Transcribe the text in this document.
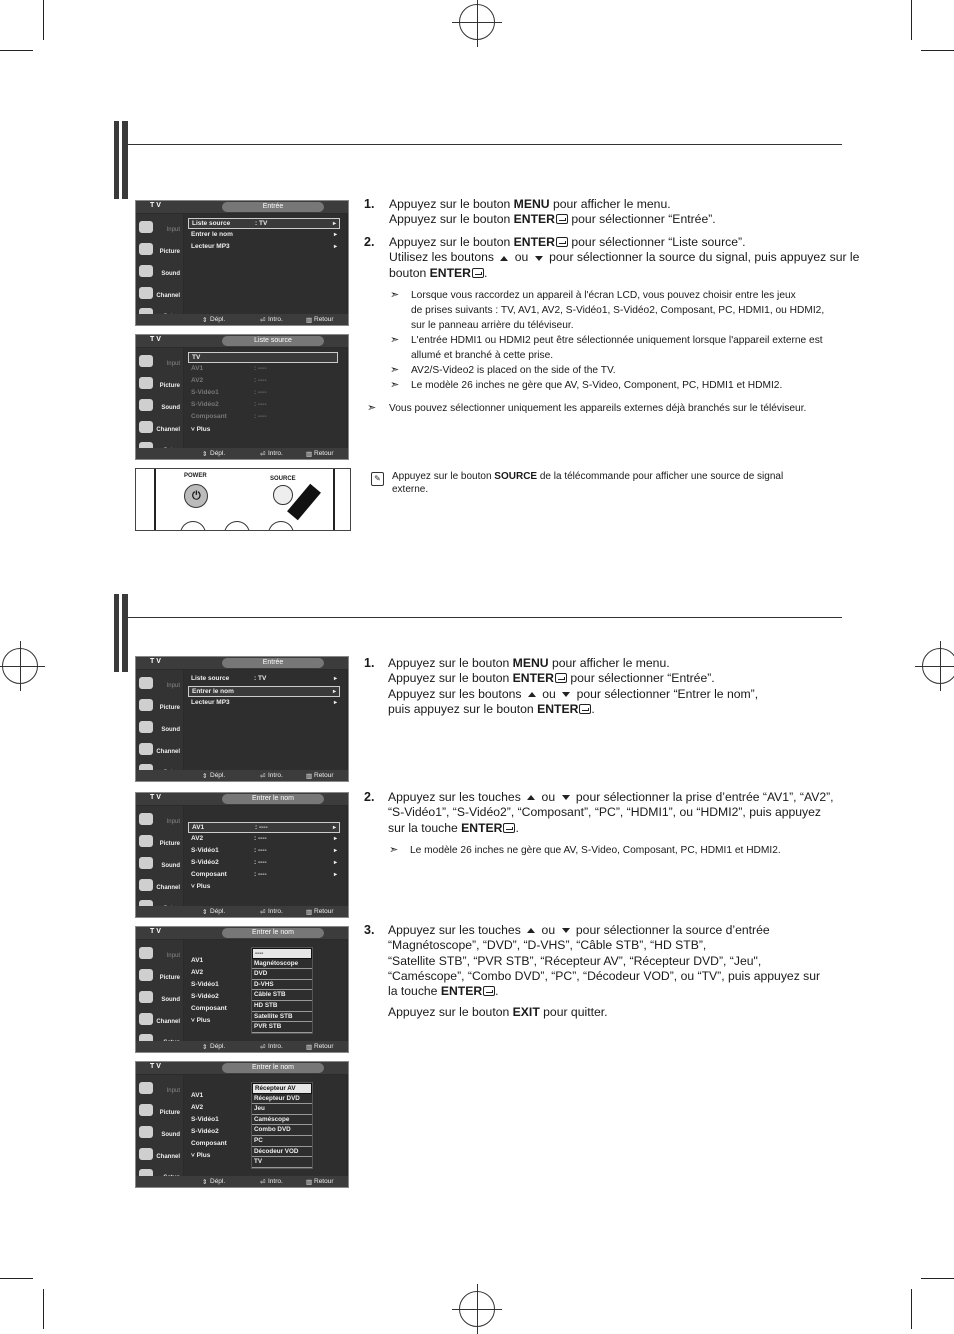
T V	Entrée
Input
Picture
Sound
Channel
Liste source	: TV	▸
Entrer le nom	▸
Lecteur MP3	▸
⇕ Dépl.	⏎ Intro.	▥ Retour
T V	Liste source
Input
Picture
Sound
Channel
TV
AV1	: ----
AV2	: ----
S-Vidéo1	: ----
S-Vidéo2	: ----
Composant	: ----
˅ Plus
⇕ Dépl.	⏎ Intro.	▥ Retour
POWER
⏻
SOURCE
T V	Entrée
Input
Picture
Sound
Channel
Liste source	: TV	▸
Entrer le nom	▸
Lecteur MP3	▸
⇕ Dépl.	⏎ Intro.	▥ Retour
T V	Entrer le nom
Input
Picture
Sound
Channel
AV1	: ----	▸
AV2	: ----	▸
S-Vidéo1	: ----	▸
S-Vidéo2	: ----	▸
Composant	: ----	▸
˅ Plus
⇕ Dépl.	⏎ Intro.	▥ Retour
T V	Entrer le nom
Input
Picture
Sound
Channel
AV1
AV2
S-Vidéo1
S-Vidéo2
Composant
˅ Plus
----
Magnétoscope
DVD
D-VHS
Câble STB
HD STB
Satellite STB
PVR STB
⇕ Dépl.	⏎ Intro.	▥ Retour
T V	Entrer le nom
Input
Picture
Sound
Channel
AV1
AV2
S-Vidéo1
S-Vidéo2
Composant
˅ Plus
Récepteur AV
Récepteur DVD
Jeu
Caméscope
Combo DVD
PC
Décodeur VOD
TV
⇕ Dépl.	⏎ Intro.	▥ Retour
1. Appuyez sur le bouton MENU pour afficher le menu.
Appuyez sur le bouton ENTER pour sélectionner “Entrée”.
2. Appuyez sur le bouton ENTER pour sélectionner “Liste source”.
Utilisez les boutons  ou  pour sélectionner la source du signal, puis appuyez sur le
bouton ENTER .
➣ Lorsque vous raccordez un appareil à l'écran LCD, vous pouvez choisir entre les jeux
de prises suivants : TV, AV1, AV2, S-Vidéo1, S-Vidéo2, Composant, PC, HDMI1, ou HDMI2,
sur le panneau arrière du téléviseur.
➣ L'entrée HDMI1 ou HDMI2 peut être sélectionnée uniquement lorsque l'appareil externe est
allumé et branché à cette prise.
➣ AV2/S-Video2 is placed on the side of the TV.
➣ Le modèle 26 inches ne gère que AV, S-Video, Component, PC, HDMI1 et HDMI2.
➣ Vous pouvez sélectionner uniquement les appareils externes déjà branchés sur le téléviseur.
✎	Appuyez sur le bouton SOURCE de la télécommande pour afficher une source de signal
externe.
1. Appuyez sur le bouton MENU pour afficher le menu.
Appuyez sur le bouton ENTER pour sélectionner “Entrée”.
Appuyez sur les boutons  ou  pour sélectionner “Entrer le nom”,
puis appuyez sur le bouton ENTER .
2. Appuyez sur les touches  ou  pour sélectionner la prise d’entrée “AV1”, “AV2”,
“S-Vidéo1”, “S-Vidéo2”, “Composant”, “PC”, “HDMI1”, ou “HDMI2”, puis appuyez
sur la touche ENTER .
➣ Le modèle 26 inches ne gère que AV, S-Video, Composant, PC, HDMI1 et HDMI2.
3. Appuyez sur les touches  ou  pour sélectionner la source d’entrée
“Magnétoscope”, “DVD”, “D-VHS”, “Câble STB”, “HD STB”,
“Satellite STB”, “PVR STB”, “Récepteur AV”, “Récepteur DVD”, “Jeu",
“Caméscope”, “Combo DVD”, “PC”, “Décodeur VOD”, ou “TV”, puis appuyez sur
la touche ENTER .
Appuyez sur le bouton EXIT pour quitter.
